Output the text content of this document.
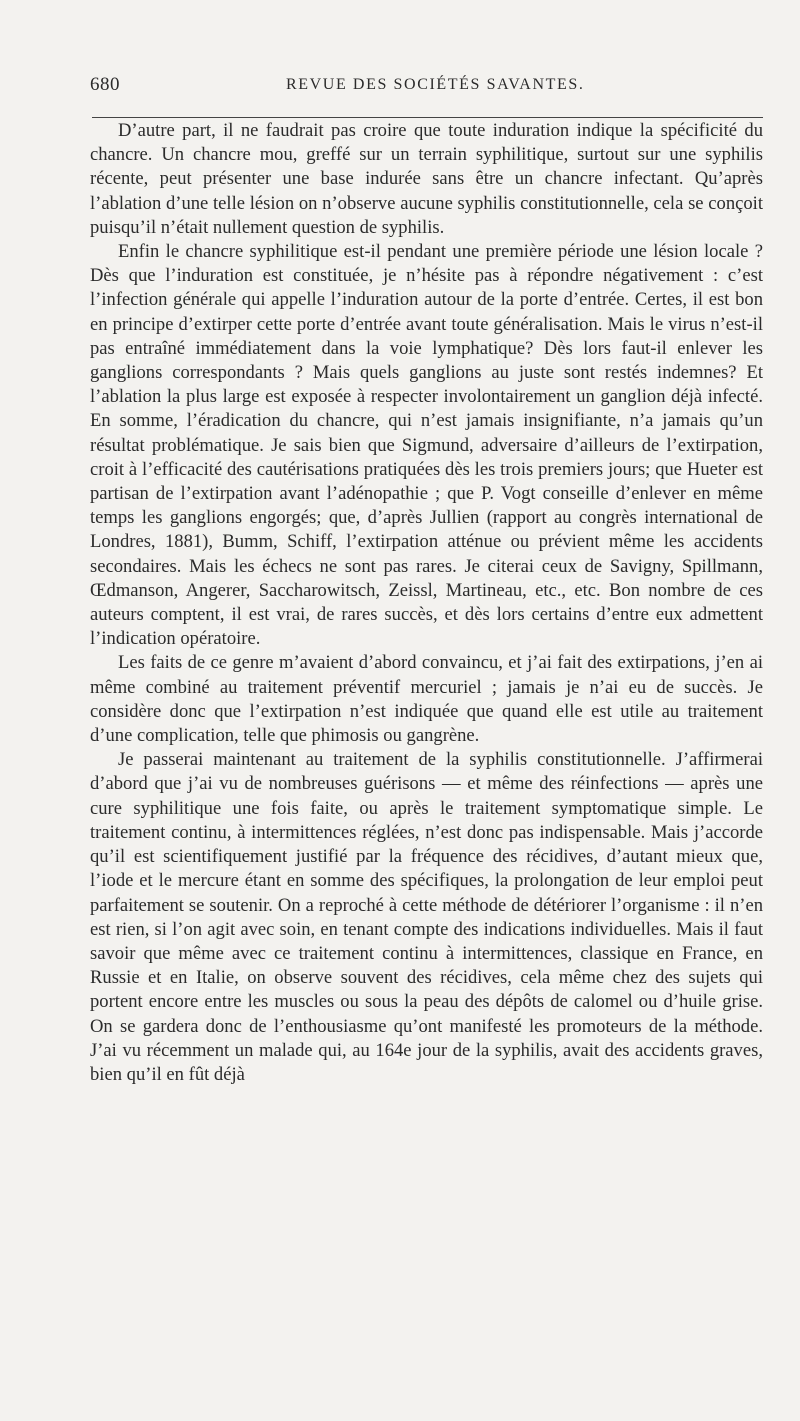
680	REVUE DES SOCIÉTÉS SAVANTES.

D’autre part, il ne faudrait pas croire que toute induration indique la spécificité du chancre. Un chancre mou, greffé sur un terrain syphilitique, surtout sur une syphilis récente, peut présenter une base indurée sans être un chancre infectant. Qu’après l’ablation d’une telle lésion on n’observe aucune syphilis constitutionnelle, cela se conçoit puisqu’il n’était nullement question de syphilis.

Enfin le chancre syphilitique est-il pendant une première période une lésion locale ? Dès que l’induration est constituée, je n’hésite pas à répondre négativement : c’est l’infection générale qui appelle l’induration autour de la porte d’entrée. Certes, il est bon en principe d’extirper cette porte d’entrée avant toute généralisation. Mais le virus n’est-il pas entraîné immédiatement dans la voie lymphatique? Dès lors faut-il enlever les ganglions correspondants ? Mais quels ganglions au juste sont restés indemnes? Et l’ablation la plus large est exposée à respecter involontairement un ganglion déjà infecté. En somme, l’éradication du chancre, qui n’est jamais insignifiante, n’a jamais qu’un résultat problématique. Je sais bien que Sigmund, adversaire d’ailleurs de l’extirpation, croit à l’efficacité des cautérisations pratiquées dès les trois premiers jours; que Hueter est partisan de l’extirpation avant l’adénopathie ; que P. Vogt conseille d’enlever en même temps les ganglions engorgés; que, d’après Jullien (rapport au congrès international de Londres, 1881), Bumm, Schiff, l’extirpation atténue ou prévient même les accidents secondaires. Mais les échecs ne sont pas rares. Je citerai ceux de Savigny, Spillmann, Œdmanson, Angerer, Saccharowitsch, Zeissl, Martineau, etc., etc. Bon nombre de ces auteurs comptent, il est vrai, de rares succès, et dès lors certains d’entre eux admettent l’indication opératoire.

Les faits de ce genre m’avaient d’abord convaincu, et j’ai fait des extirpations, j’en ai même combiné au traitement préventif mercuriel ; jamais je n’ai eu de succès. Je considère donc que l’extirpation n’est indiquée que quand elle est utile au traitement d’une complication, telle que phimosis ou gangrène.

Je passerai maintenant au traitement de la syphilis constitutionnelle. J’affirmerai d’abord que j’ai vu de nombreuses guérisons — et même des réinfections — après une cure syphilitique une fois faite, ou après le traitement symptomatique simple. Le traitement continu, à intermittences réglées, n’est donc pas indispensable. Mais j’accorde qu’il est scientifiquement justifié par la fréquence des récidives, d’autant mieux que, l’iode et le mercure étant en somme des spécifiques, la prolongation de leur emploi peut parfaitement se soutenir. On a reproché à cette méthode de détériorer l’organisme : il n’en est rien, si l’on agit avec soin, en tenant compte des indications individuelles. Mais il faut savoir que même avec ce traitement continu à intermittences, classique en France, en Russie et en Italie, on observe souvent des récidives, cela même chez des sujets qui portent encore entre les muscles ou sous la peau des dépôts de calomel ou d’huile grise. On se gardera donc de l’enthousiasme qu’ont manifesté les promoteurs de la méthode. J’ai vu récemment un malade qui, au 164e jour de la syphilis, avait des accidents graves, bien qu’il en fût déjà
